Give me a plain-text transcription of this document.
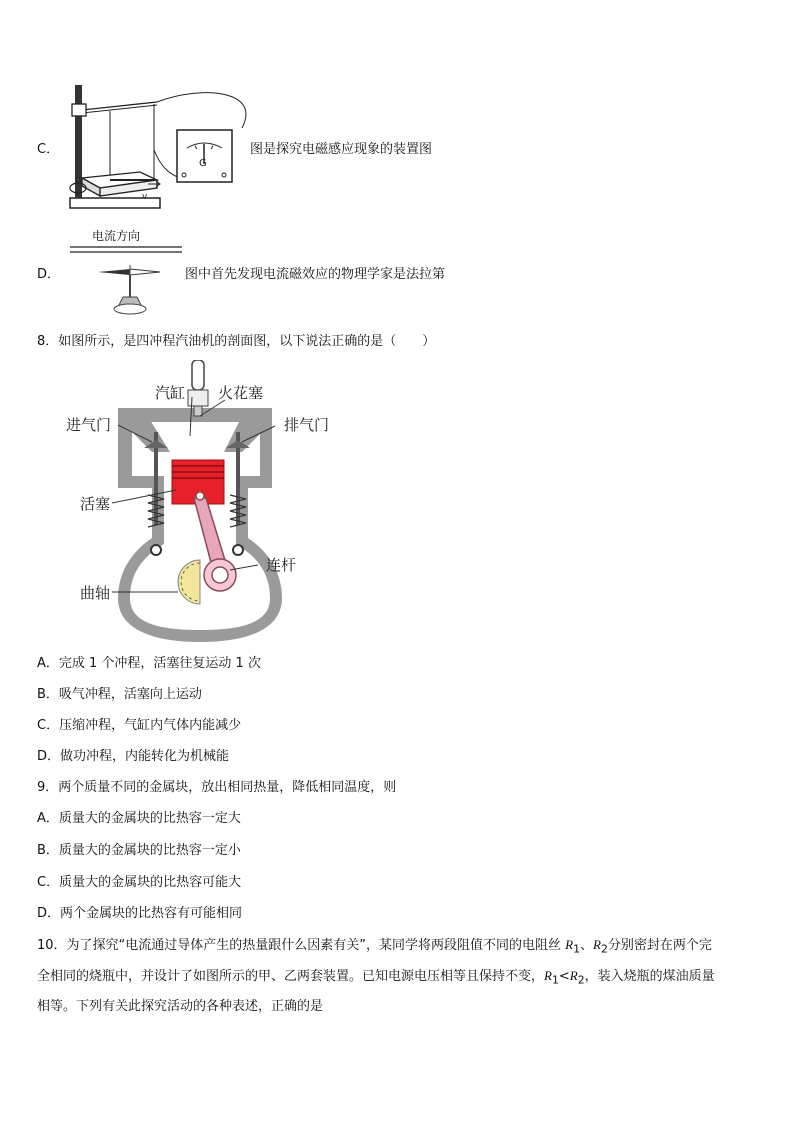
C．
v
G
图是探究电磁感应现象的装置图
D．
电流方向
图中首先发现电流磁效应的物理学家是法拉第
8．如图所示，是四冲程汽油机的剖面图，以下说法正确的是（　　）
汽缸 火花塞
进气门	排气门
活塞
连杆
曲轴
A．完成 1 个冲程，活塞往复运动 1 次
B．吸气冲程，活塞向上运动
C．压缩冲程，气缸内气体内能减少
D．做功冲程，内能转化为机械能
9．两个质量不同的金属块，放出相同热量，降低相同温度，则
A．质量大的金属块的比热容一定大
B．质量大的金属块的比热容一定小
C．质量大的金属块的比热容可能大
D．两个金属块的比热容有可能相同
10．为了探究“电流通过导体产生的热量跟什么因素有关”，某同学将两段阻值不同的电阻丝 $R_1$、$R_2$分别密封在两个完
全相同的烧瓶中，并设计了如图所示的甲、乙两套装置。已知电源电压相等且保持不变，$R_1<R_2$，装入烧瓶的煤油质量
相等。下列有关此探究活动的各种表述，正确的是
